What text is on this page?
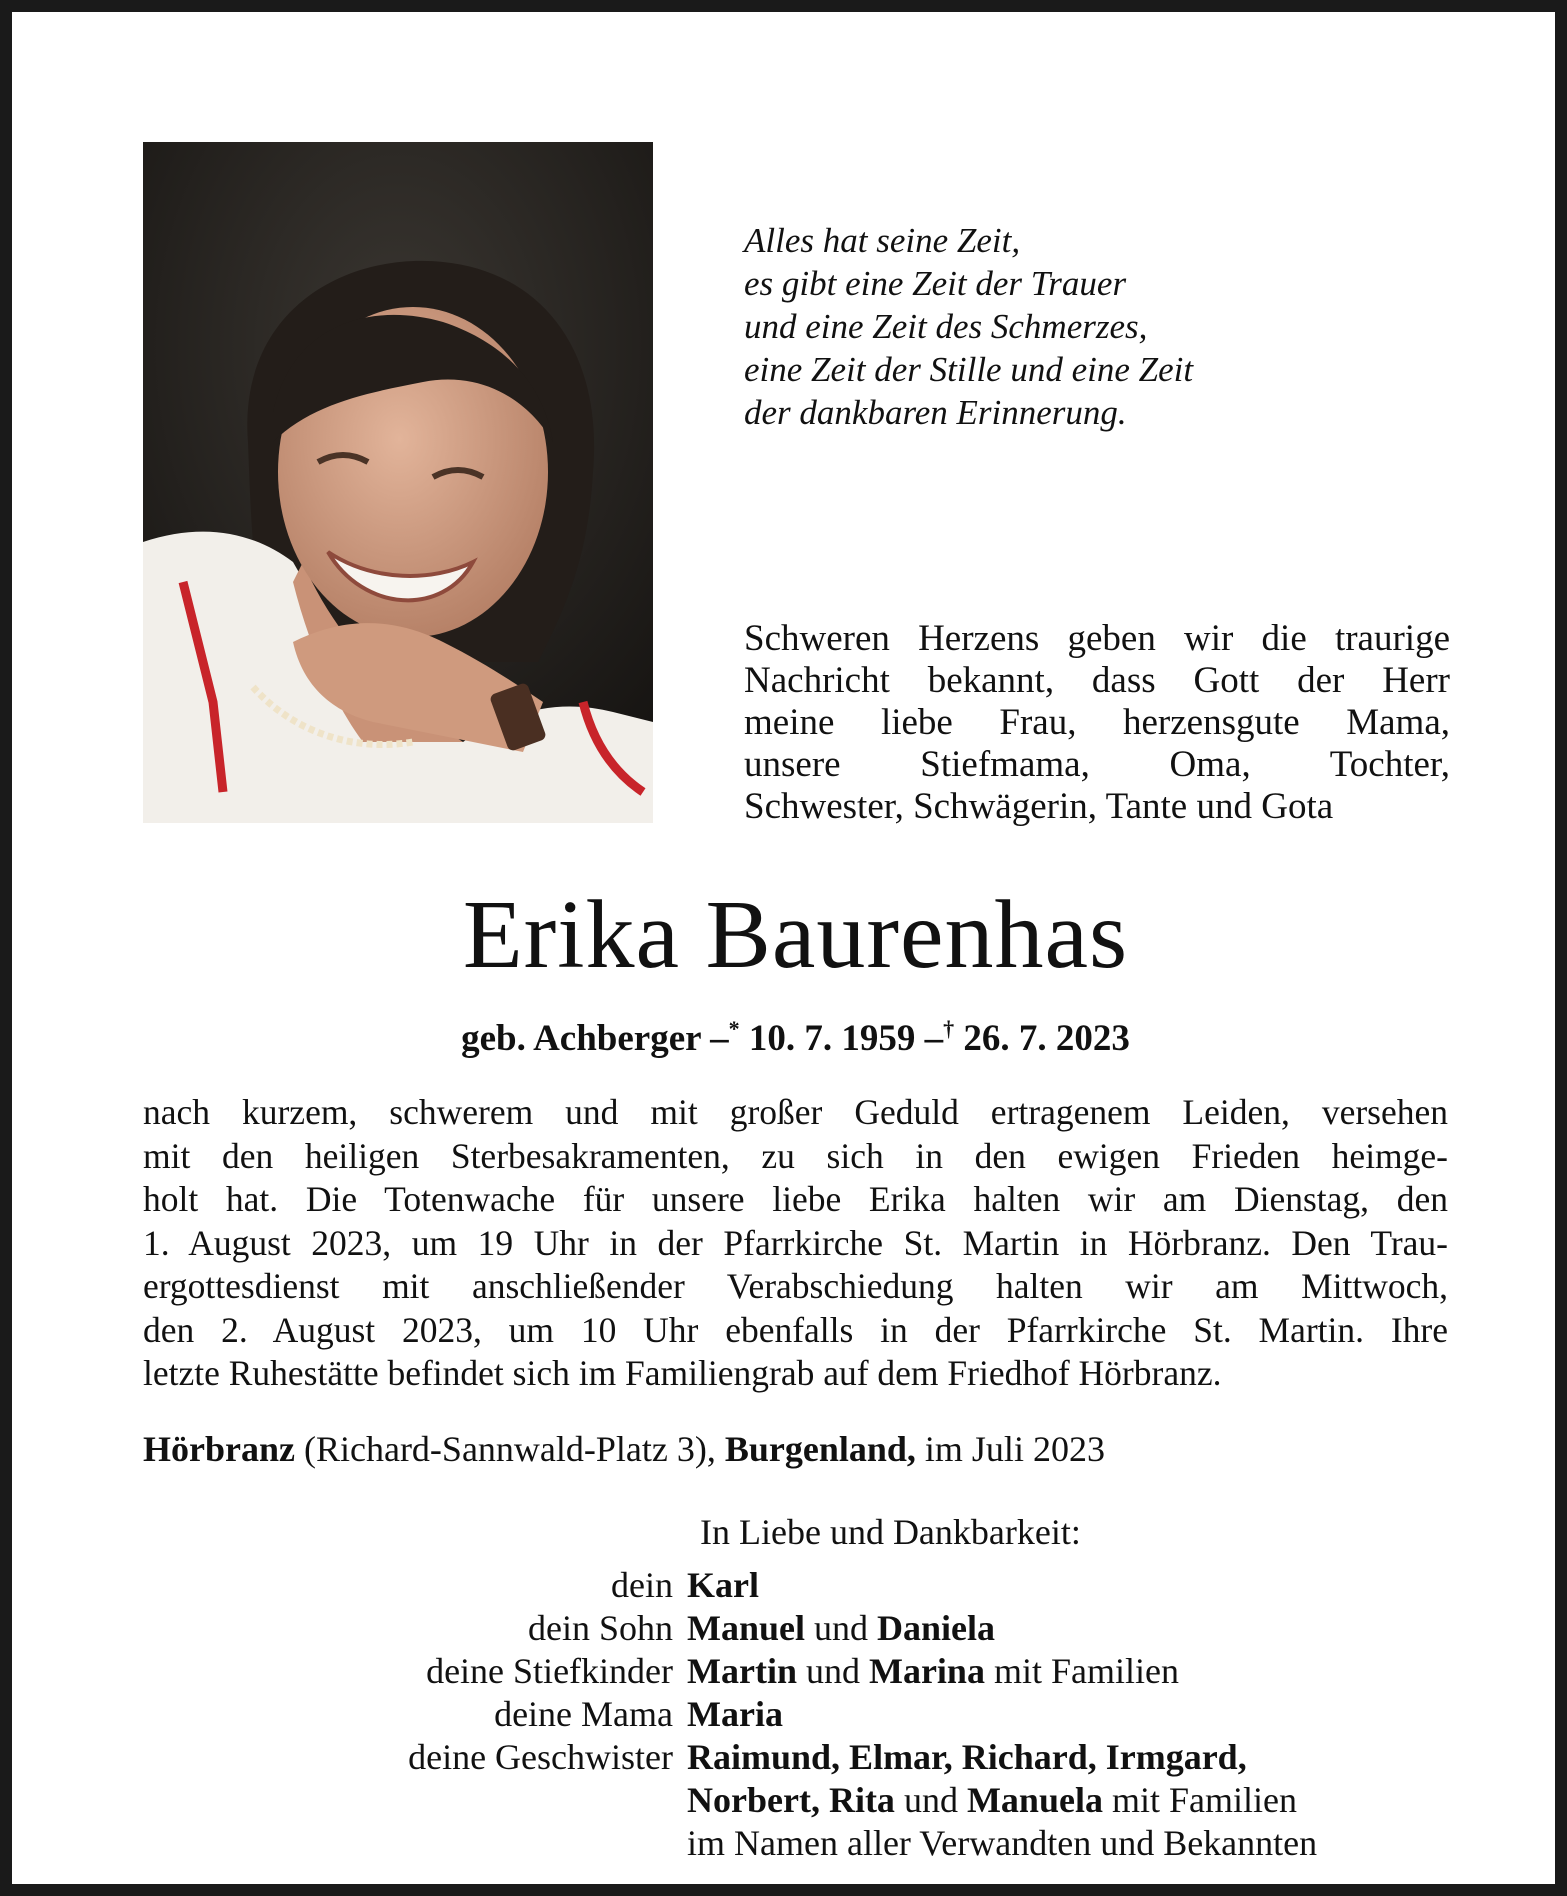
Alles hat seine Zeit,
es gibt eine Zeit der Trauer
und eine Zeit des Schmerzes,
eine Zeit der Stille und eine Zeit
der dankbaren Erinnerung.
Schweren Herzens geben wir die traurige
Nachricht bekannt, dass Gott der Herr
meine liebe Frau, herzensgute Mama,
unsere Stiefmama, Oma, Tochter,
Schwester, Schwägerin, Tante und Gota
Erika Baurenhas
geb. Achberger –* 10. 7. 1959 –† 26. 7. 2023
nach kurzem, schwerem und mit großer Geduld ertragenem Leiden, versehen
mit den heiligen Sterbesakramenten, zu sich in den ewigen Frieden heimge-
holt hat. Die Totenwache für unsere liebe Erika halten wir am Dienstag, den
1. August 2023, um 19 Uhr in der Pfarrkirche St. Martin in Hörbranz. Den Trau-
ergottesdienst mit anschließender Verabschiedung halten wir am Mittwoch,
den 2. August 2023, um 10 Uhr ebenfalls in der Pfarrkirche St. Martin. Ihre
letzte Ruhestätte befindet sich im Familiengrab auf dem Friedhof Hörbranz.
Hörbranz (Richard-Sannwald-Platz 3), Burgenland, im Juli 2023
In Liebe und Dankbarkeit:
dein Karl
dein Sohn Manuel und Daniela
deine Stiefkinder Martin und Marina mit Familien
deine Mama Maria
deine Geschwister Raimund, Elmar, Richard, Irmgard,
Norbert, Rita und Manuela mit Familien
im Namen aller Verwandten und Bekannten
